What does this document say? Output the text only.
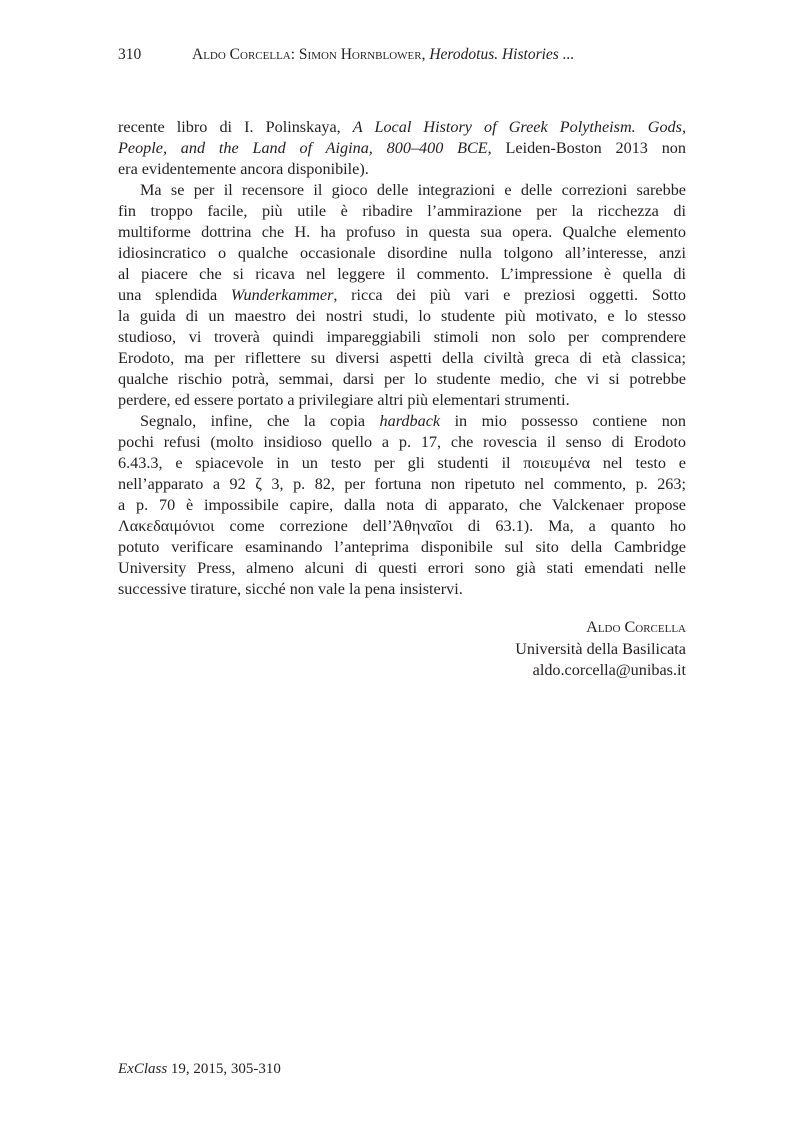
310	Aldo Corcella: Simon Hornblower, Herodotus. Histories ...
recente libro di I. Polinskaya, A Local History of Greek Polytheism. Gods,
People, and the Land of Aigina, 800–400 BCE, Leiden-Boston 2013 non
era evidentemente ancora disponibile).
Ma se per il recensore il gioco delle integrazioni e delle correzioni sarebbe
fin troppo facile, più utile è ribadire l’ammirazione per la ricchezza di
multiforme dottrina che H. ha profuso in questa sua opera. Qualche elemento
idiosincratico o qualche occasionale disordine nulla tolgono all’interesse, anzi
al piacere che si ricava nel leggere il commento. L’impressione è quella di
una splendida Wunderkammer, ricca dei più vari e preziosi oggetti. Sotto
la guida di un maestro dei nostri studi, lo studente più motivato, e lo stesso
studioso, vi troverà quindi impareggiabili stimoli non solo per comprendere
Erodoto, ma per riflettere su diversi aspetti della civiltà greca di età classica;
qualche rischio potrà, semmai, darsi per lo studente medio, che vi si potrebbe
perdere, ed essere portato a privilegiare altri più elementari strumenti.
Segnalo, infine, che la copia hardback in mio possesso contiene non
pochi refusi (molto insidioso quello a p. 17, che rovescia il senso di Erodoto
6.43.3, e spiacevole in un testo per gli studenti il ποιευμένα nel testo e
nell’apparato a 92 ζ 3, p. 82, per fortuna non ripetuto nel commento, p. 263;
a p. 70 è impossibile capire, dalla nota di apparato, che Valckenaer propose
Λακεδαιμόνιοι come correzione dell’Ἀθηναῖοι di 63.1). Ma, a quanto ho
potuto verificare esaminando l’anteprima disponibile sul sito della Cambridge
University Press, almeno alcuni di questi errori sono già stati emendati nelle
successive tirature, sicché non vale la pena insistervi.
Aldo Corcella
Università della Basilicata
aldo.corcella@unibas.it
ExClass 19, 2015, 305-310
